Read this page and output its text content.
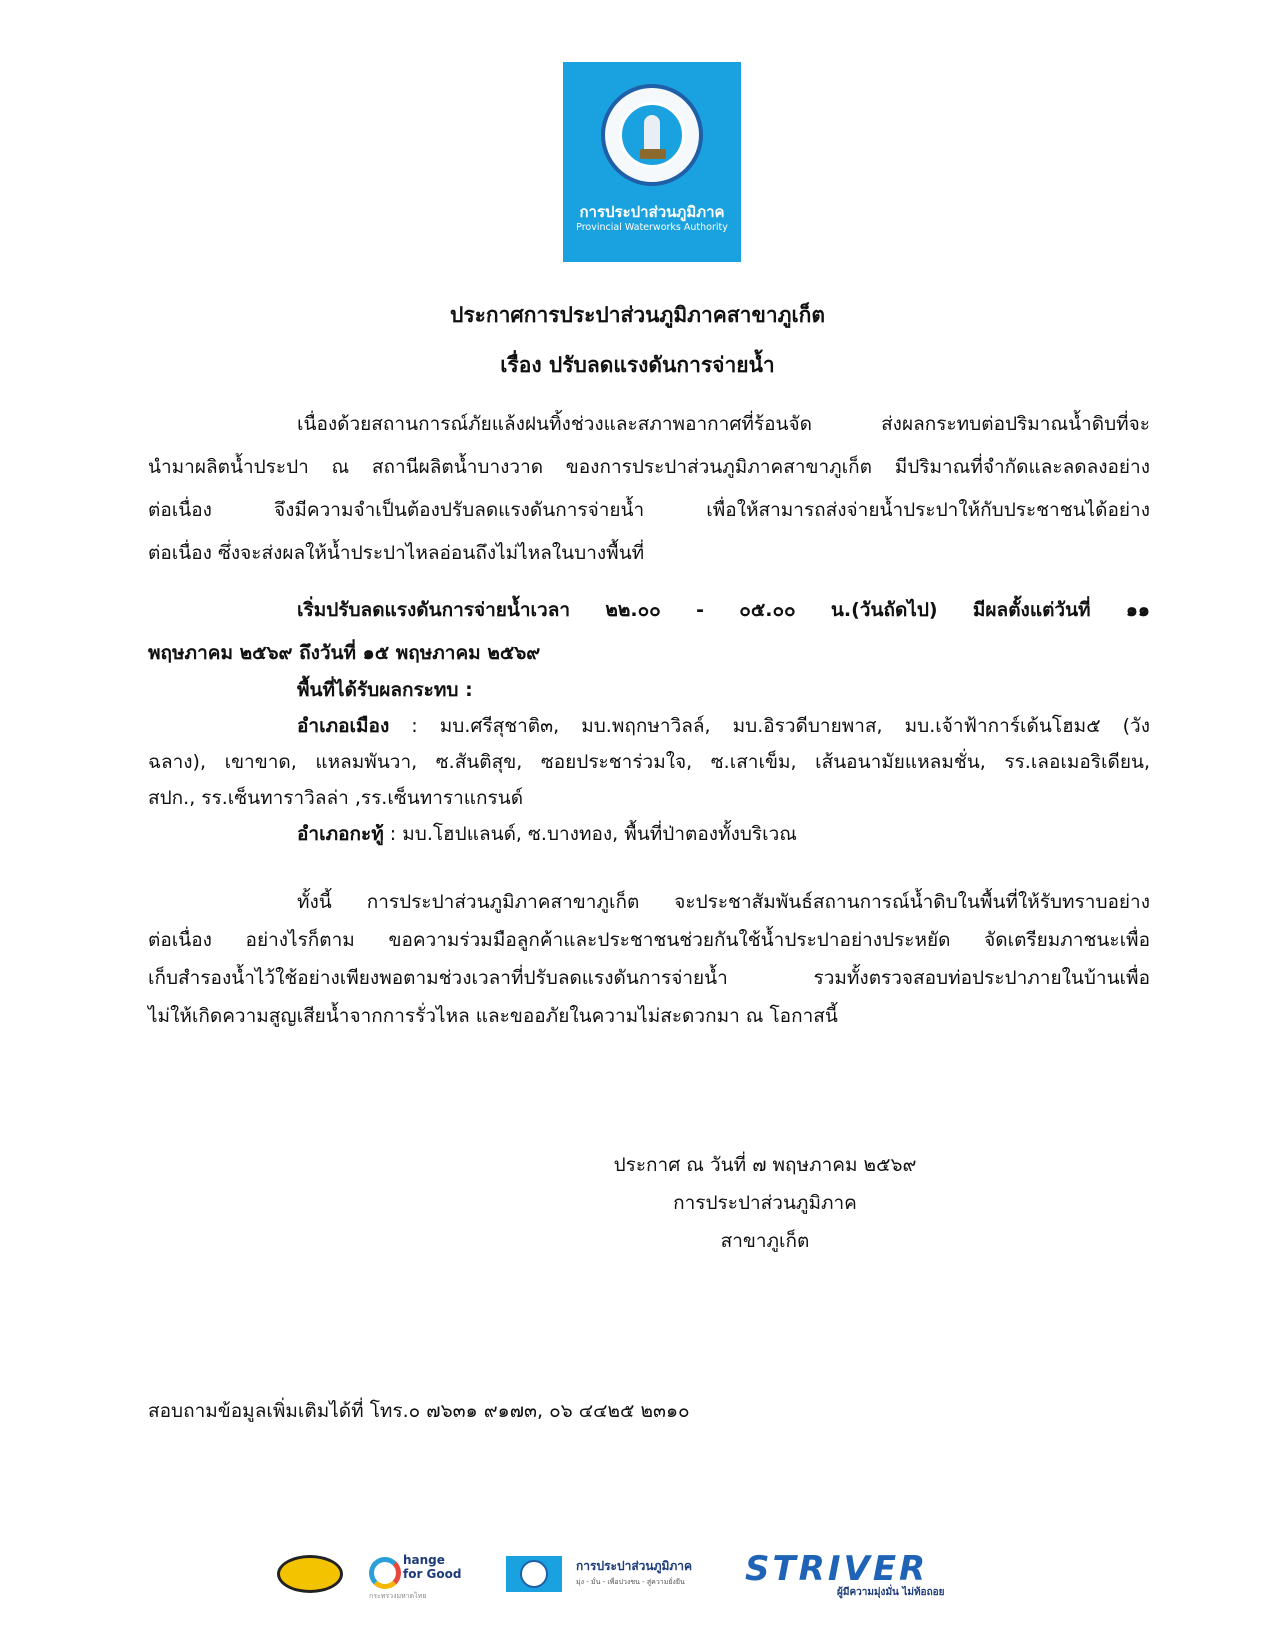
การประปาส่วนภูมิภาค
Provincial Waterworks Authority
ประกาศการประปาส่วนภูมิภาคสาขาภูเก็ต
เรื่อง ปรับลดแรงดันการจ่ายน้ำ
เนื่องด้วยสถานการณ์ภัยแล้งฝนทิ้งช่วงและสภาพอากาศที่ร้อนจัด ส่งผลกระทบต่อปริมาณน้ำดิบที่จะ
นำมาผลิตน้ำประปา ณ สถานีผลิตน้ำบางวาด ของการประปาส่วนภูมิภาคสาขาภูเก็ต มีปริมาณที่จำกัดและลดลงอย่าง
ต่อเนื่อง จึงมีความจำเป็นต้องปรับลดแรงดันการจ่ายน้ำ เพื่อให้สามารถส่งจ่ายน้ำประปาให้กับประชาชนได้อย่าง
ต่อเนื่อง ซึ่งจะส่งผลให้น้ำประปาไหลอ่อนถึงไม่ไหลในบางพื้นที่
เริ่มปรับลดแรงดันการจ่ายน้ำเวลา ๒๒.๐๐ - ๐๕.๐๐ น.(วันถัดไป) มีผลตั้งแต่วันที่ ๑๑
พฤษภาคม ๒๕๖๙ ถึงวันที่ ๑๕ พฤษภาคม ๒๕๖๙
พื้นที่ได้รับผลกระทบ :
อำเภอเมือง : มบ.ศรีสุชาติ๓, มบ.พฤกษาวิลล์, มบ.อิรวดีบายพาส, มบ.เจ้าฟ้าการ์เด้นโฮม๕ (วัง
ฉลาง), เขาขาด, แหลมพันวา, ซ.สันติสุข, ซอยประชาร่วมใจ, ซ.เสาเข็ม, เส้นอนามัยแหลมชั่น, รร.เลอเมอริเดียน,
สปก., รร.เซ็นทาราวิลล่า ,รร.เซ็นทาราแกรนด์
อำเภอกะทู้ : มบ.โฮปแลนด์, ซ.บางทอง, พื้นที่ป่าตองทั้งบริเวณ
ทั้งนี้ การประปาส่วนภูมิภาคสาขาภูเก็ต จะประชาสัมพันธ์สถานการณ์น้ำดิบในพื้นที่ให้รับทราบอย่าง
ต่อเนื่อง อย่างไรก็ตาม ขอความร่วมมือลูกค้าและประชาชนช่วยกันใช้น้ำประปาอย่างประหยัด จัดเตรียมภาชนะเพื่อ
เก็บสำรองน้ำไว้ใช้อย่างเพียงพอตามช่วงเวลาที่ปรับลดแรงดันการจ่ายน้ำ รวมทั้งตรวจสอบท่อประปาภายในบ้านเพื่อ
ไม่ให้เกิดความสูญเสียน้ำจากการรั่วไหล และขออภัยในความไม่สะดวกมา ณ โอกาสนี้
ประกาศ ณ วันที่ ๗ พฤษภาคม ๒๕๖๙
การประปาส่วนภูมิภาค
สาขาภูเก็ต
สอบถามข้อมูลเพิ่มเติมได้ที่ โทร.๐ ๗๖๓๑ ๙๑๗๓, ๐๖ ๔๔๒๕ ๒๓๑๐
hange
for Good
กระทรวงมหาดไทย
การประปาส่วนภูมิภาค
มุ่ง - มั่น - เพื่อปวงชน - สู่ความยั่งยืน STRIVER
ผู้มีความมุ่งมั่น ไม่ท้อถอย
